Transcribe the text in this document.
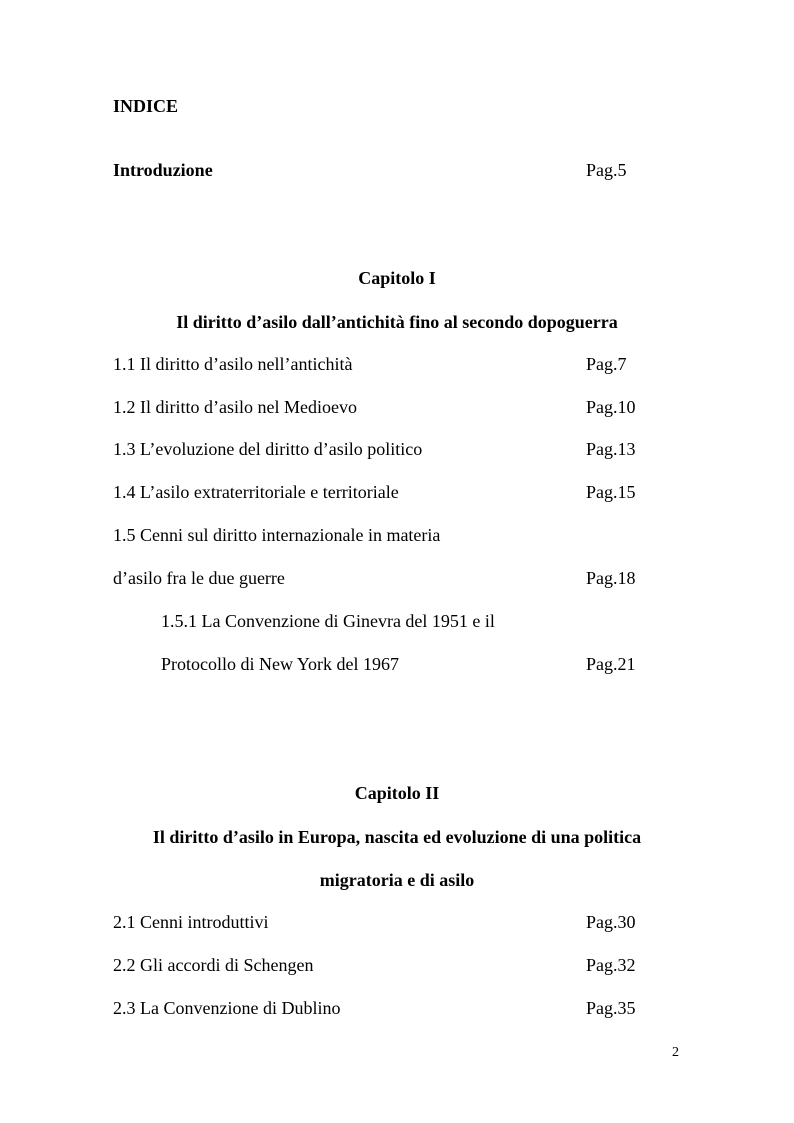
INDICE
Introduzione	Pag.5
Capitolo I
Il diritto d’asilo dall’antichità fino al secondo dopoguerra
1.1 Il diritto d’asilo nell’antichità	Pag.7
1.2 Il diritto d’asilo nel Medioevo	Pag.10
1.3 L’evoluzione del diritto d’asilo politico	Pag.13
1.4 L’asilo extraterritoriale e territoriale	Pag.15
1.5 Cenni sul diritto internazionale in materia
d’asilo fra le due guerre	Pag.18
1.5.1 La Convenzione di Ginevra del 1951 e il
Protocollo di New York del 1967	Pag.21
Capitolo II
Il diritto d’asilo in Europa, nascita ed evoluzione di una politica
migratoria e di asilo
2.1 Cenni introduttivi	Pag.30
2.2 Gli accordi di Schengen	Pag.32
2.3 La Convenzione di Dublino	Pag.35
2
